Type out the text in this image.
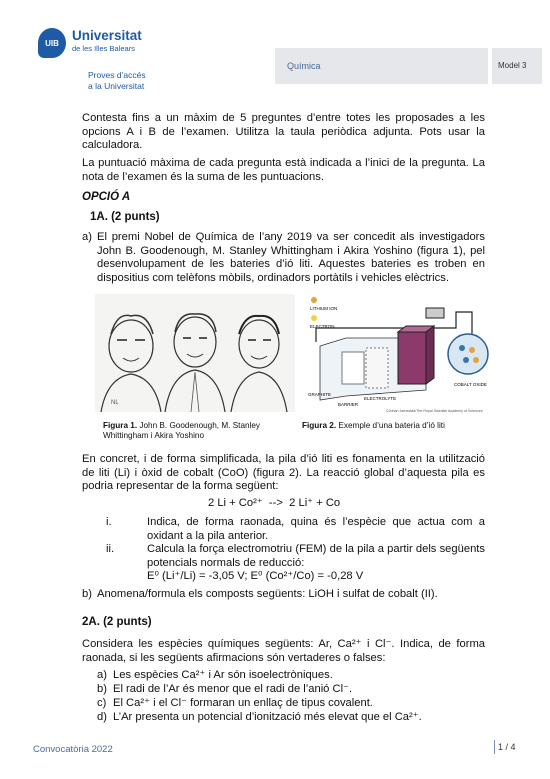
UIB Universitat
de les Illes Balears
Proves d’accés
a la Universitat
Química	Model 3
Contesta fins a un màxim de 5 preguntes d’entre totes les proposades a les opcions A i B de l’examen. Utilitza la taula periòdica adjunta. Pots usar la calculadora.
La puntuació màxima de cada pregunta està indicada a l’inici de la pregunta. La nota de l’examen és la suma de les puntuacions.
OPCIÓ A
1A. (2 punts)
a) El premi Nobel de Química de l’any 2019 va ser concedit als investigadors John B. Goodenough, M. Stanley Whittingham i Akira Yoshino (figura 1), pel desenvolupament de les bateries d’ió liti. Aquestes bateries es troben en dispositius com telèfons mòbils, ordinadors portàtils i vehicles elèctrics.
NL
LITHIUM ION
ELECTRON
COBALT OXIDE
ELECTROLYTE
BARRIER
GRAPHITE
©Johan Jarnestad/The Royal Swedish Academy of Sciences
Figura 1. John B. Goodenough, M. Stanley Whittingham i Akira Yoshino
Figura 2. Exemple d’una bateria d’ió liti
En concret, i de forma simplificada, la pila d’ió liti es fonamenta en la utilització de liti (Li) i òxid de cobalt (CoO) (figura 2). La reacció global d’aquesta pila es podria representar de la forma següent:
2 Li + Co²⁺  -->  2 Li⁺ + Co
i.	Indica, de forma raonada, quina és l’espècie que actua com a oxidant a la pila anterior.
ii.	Calcula la força electromotriu (FEM) de la pila a partir dels següents potencials normals de reducció:
E⁰ (Li⁺/Li) = -3,05 V; E⁰ (Co²⁺/Co) = -0,28 V
b) Anomena/formula els composts següents: LiOH i sulfat de cobalt (II).
2A. (2 punts)
Considera les espècies químiques següents: Ar, Ca²⁺ i Cl⁻. Indica, de forma raonada, si les següents afirmacions són vertaderes o falses:
a) Les espècies Ca²⁺ i Ar són isoelectròniques.
b) El radi de l’Ar és menor que el radi de l’anió Cl⁻.
c) El Ca²⁺ i el Cl⁻ formaran un enllaç de tipus covalent.
d) L’Ar presenta un potencial d’ionització més elevat que el Ca²⁺.
Convocatòria 2022	1 / 4
